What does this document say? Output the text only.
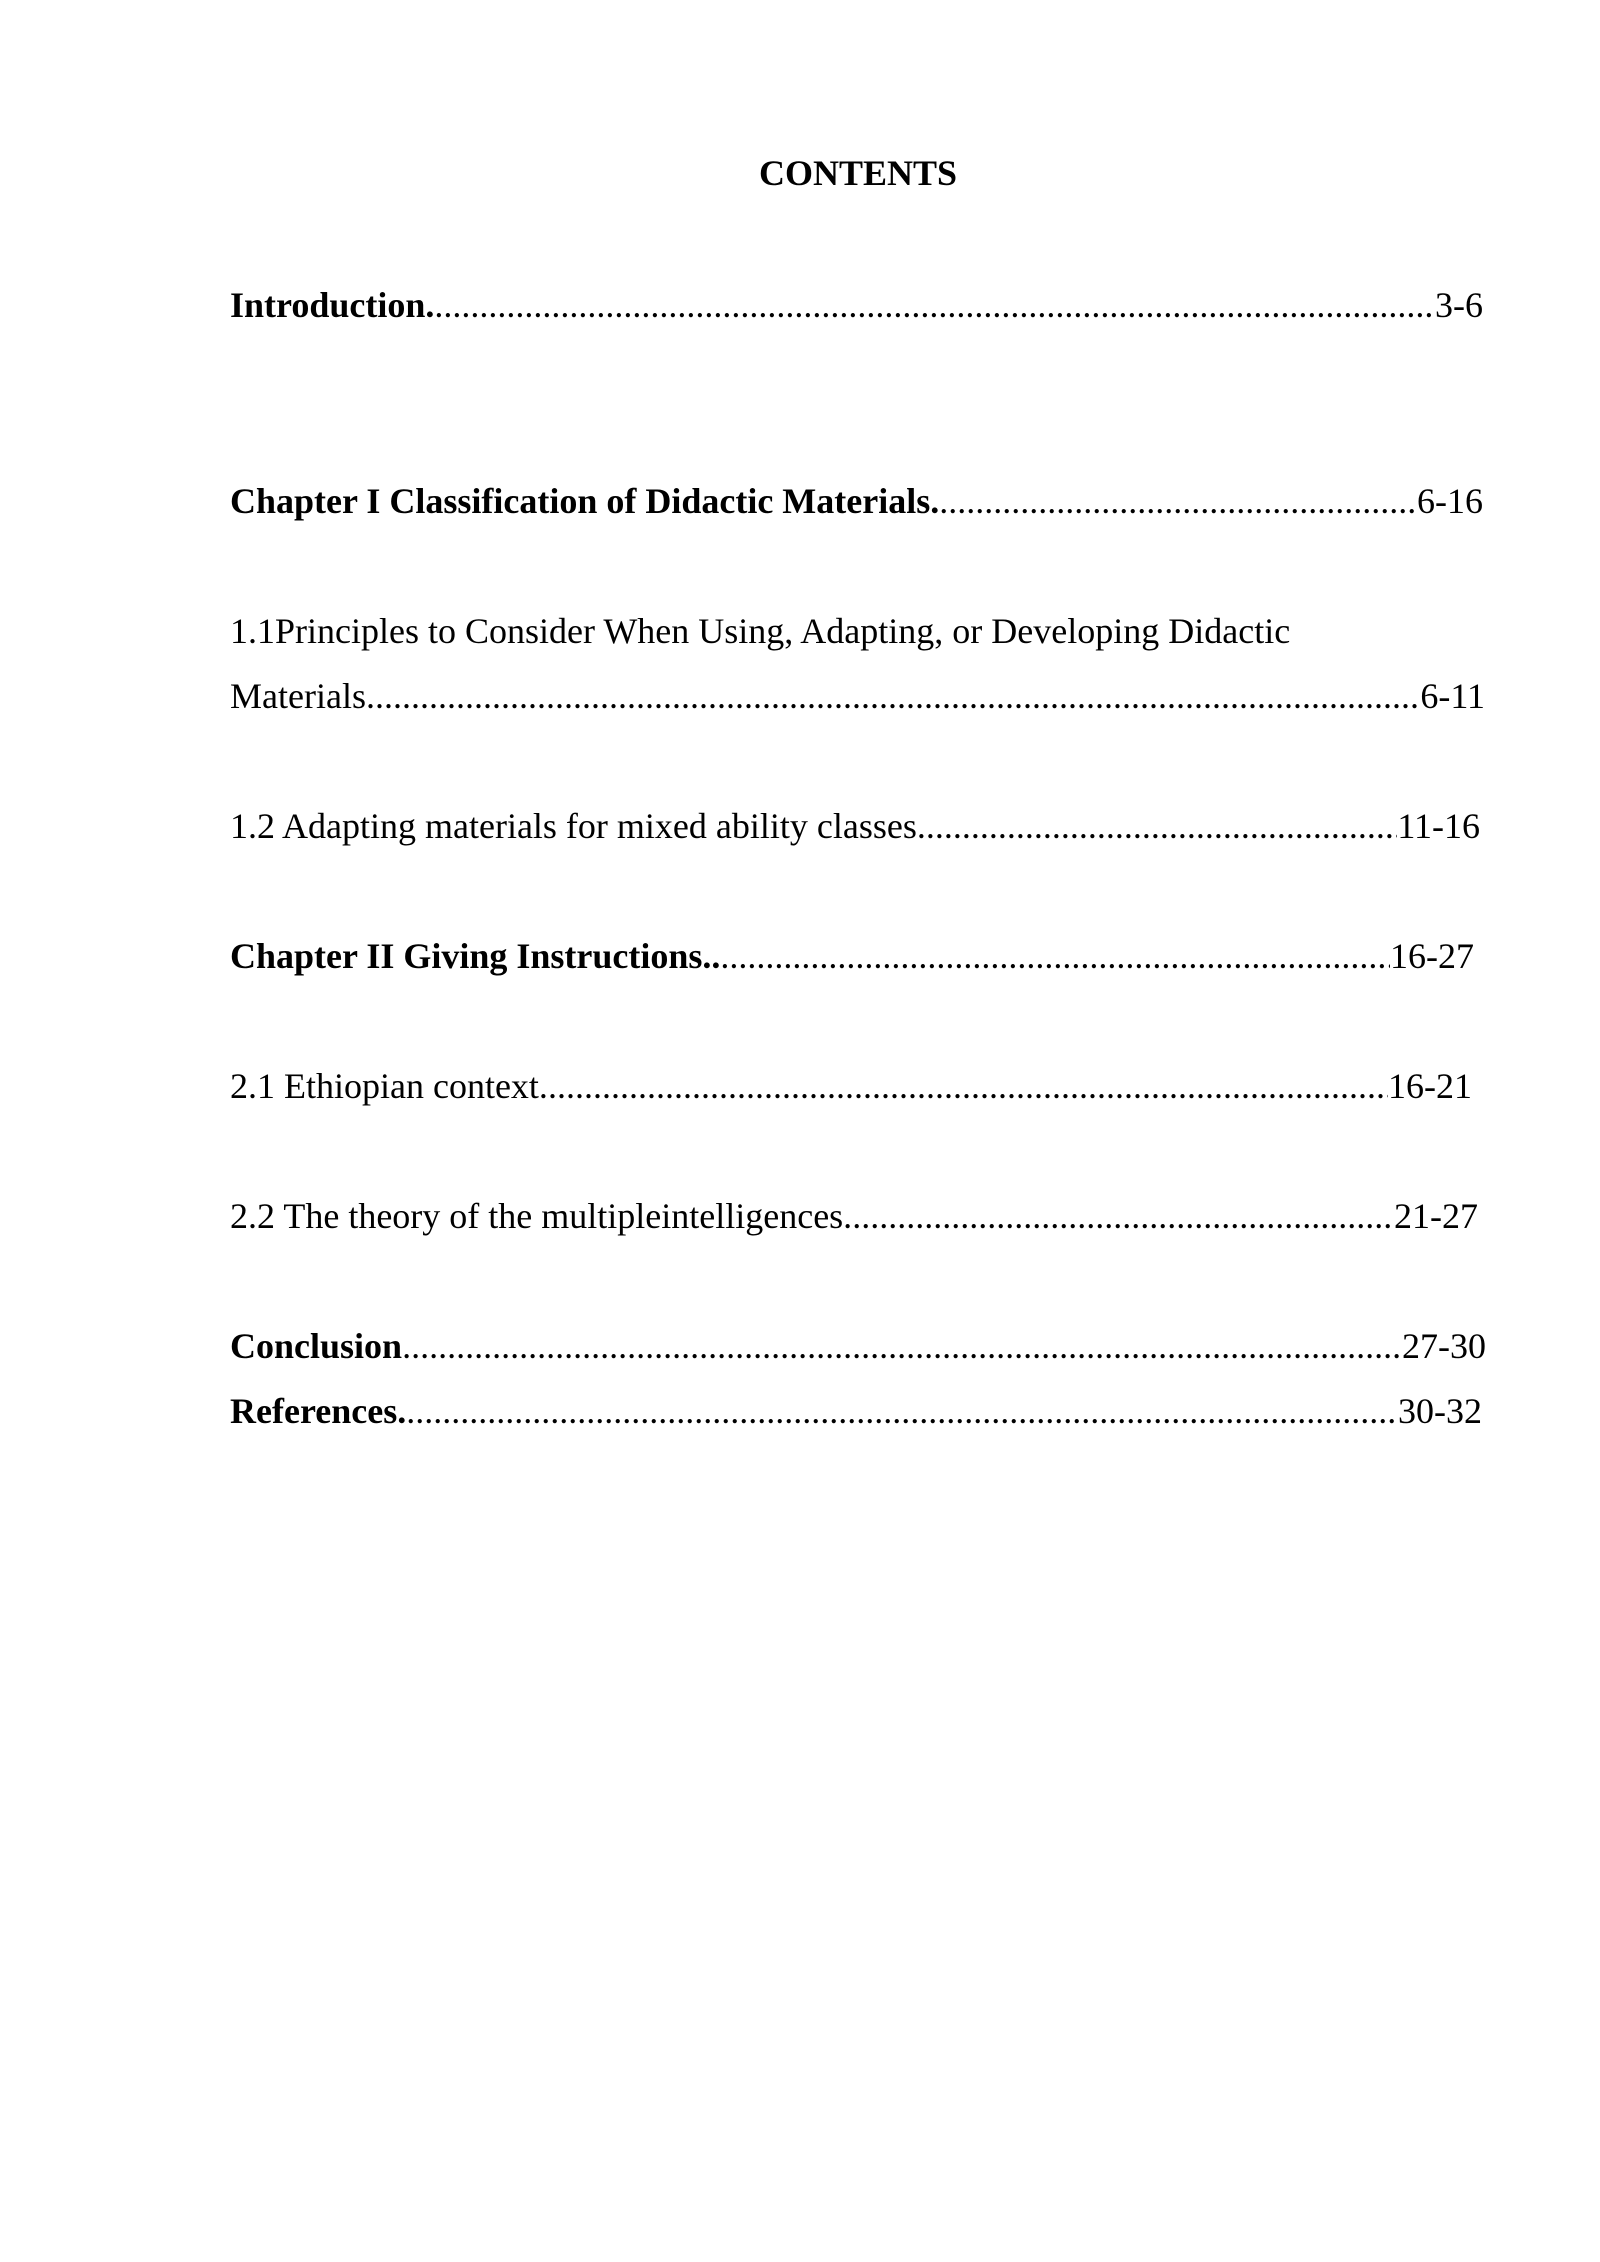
CONTENTS
Introduction. .....	3-6
Chapter I Classification of Didactic Materials. .....	6-16
1.1Principles to Consider When Using, Adapting, or Developing Didactic
Materials. .....	6-11
1.2 Adapting materials for mixed ability classes. .....	11-16
Chapter II Giving Instructions.. .....	16-27
2.1 Ethiopian context. .....	16-21
2.2 The theory of the multipleintelligences. .....	21-27
Conclusion .....	27-30
References. .....	30-32
